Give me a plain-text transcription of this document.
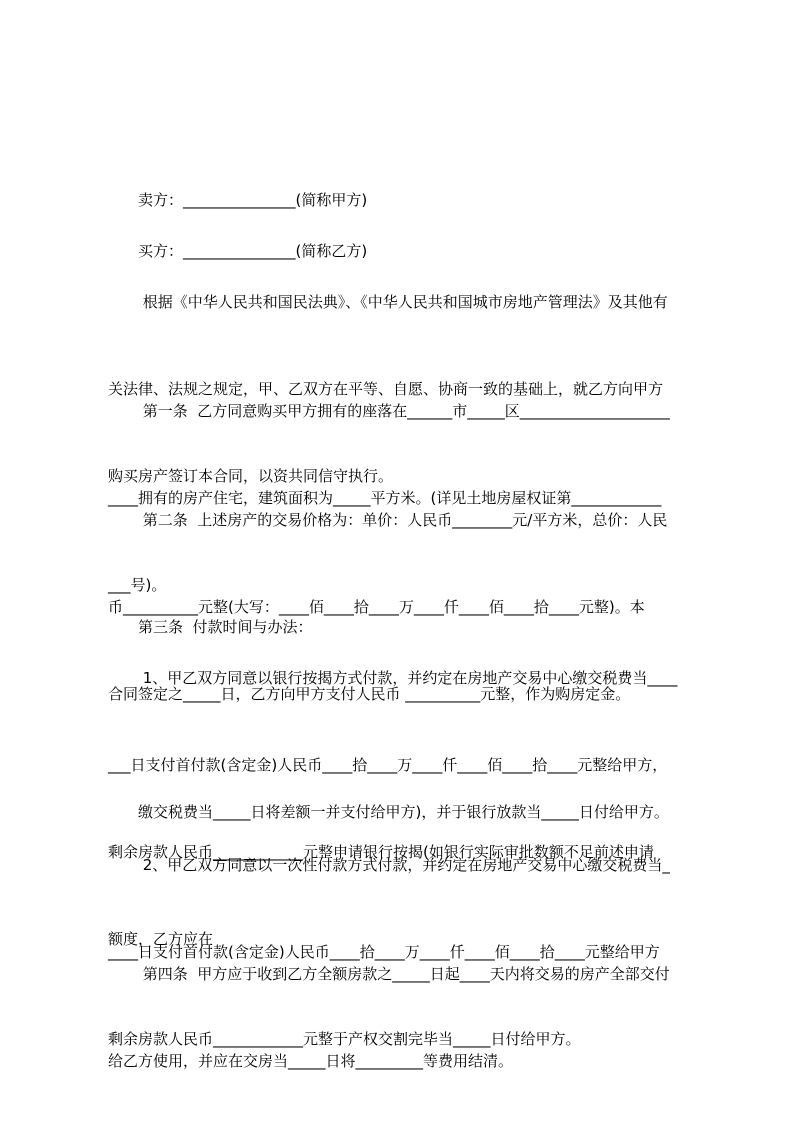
　　卖方：_______________(简称甲方)

　　买方：_______________(简称乙方)

　　 根据《中华人民共和国民法典》、《中华人民共和国城市房地产管理法》及其他有

关法律、法规之规定，甲、乙双方在平等、自愿、协商一致的基础上，就乙方向甲方

购买房产签订本合同，以资共同信守执行。

　　 第一条  乙方同意购买甲方拥有的座落在______市_____区____________________

____拥有的房产住宅，建筑面积为_____平方米。(详见土地房屋权证第____________

___号)。

　　 第二条  上述房产的交易价格为：单价：人民币________元/平方米，总价：人民

币__________元整(大写：____佰____拾____万____仟____佰____拾____元整)。本

合同签定之_____日，乙方向甲方支付人民币 __________元整，作为购房定金。

　　第三条  付款时间与办法：

　　 1、甲乙双方同意以银行按揭方式付款，并约定在房地产交易中心缴交税费当____

___日支付首付款(含定金)人民币____拾____万____仟____佰____拾____元整给甲方，

剩余房款人民币____________元整申请银行按揭(如银行实际审批数额不足前述申请

额度，乙方应在

　　缴交税费当_____日将差额一并支付给甲方)，并于银行放款当_____日付给甲方。

　　 2、甲乙双方同意以一次性付款方式付款，并约定在房地产交易中心缴交税费当_

____日支付首付款(含定金)人民币____拾____万____仟____佰____拾____元整给甲方

剩余房款人民币____________元整于产权交割完毕当_____日付给甲方。

　　 第四条  甲方应于收到乙方全额房款之_____日起____天内将交易的房产全部交付

给乙方使用，并应在交房当_____日将_________等费用结清。
